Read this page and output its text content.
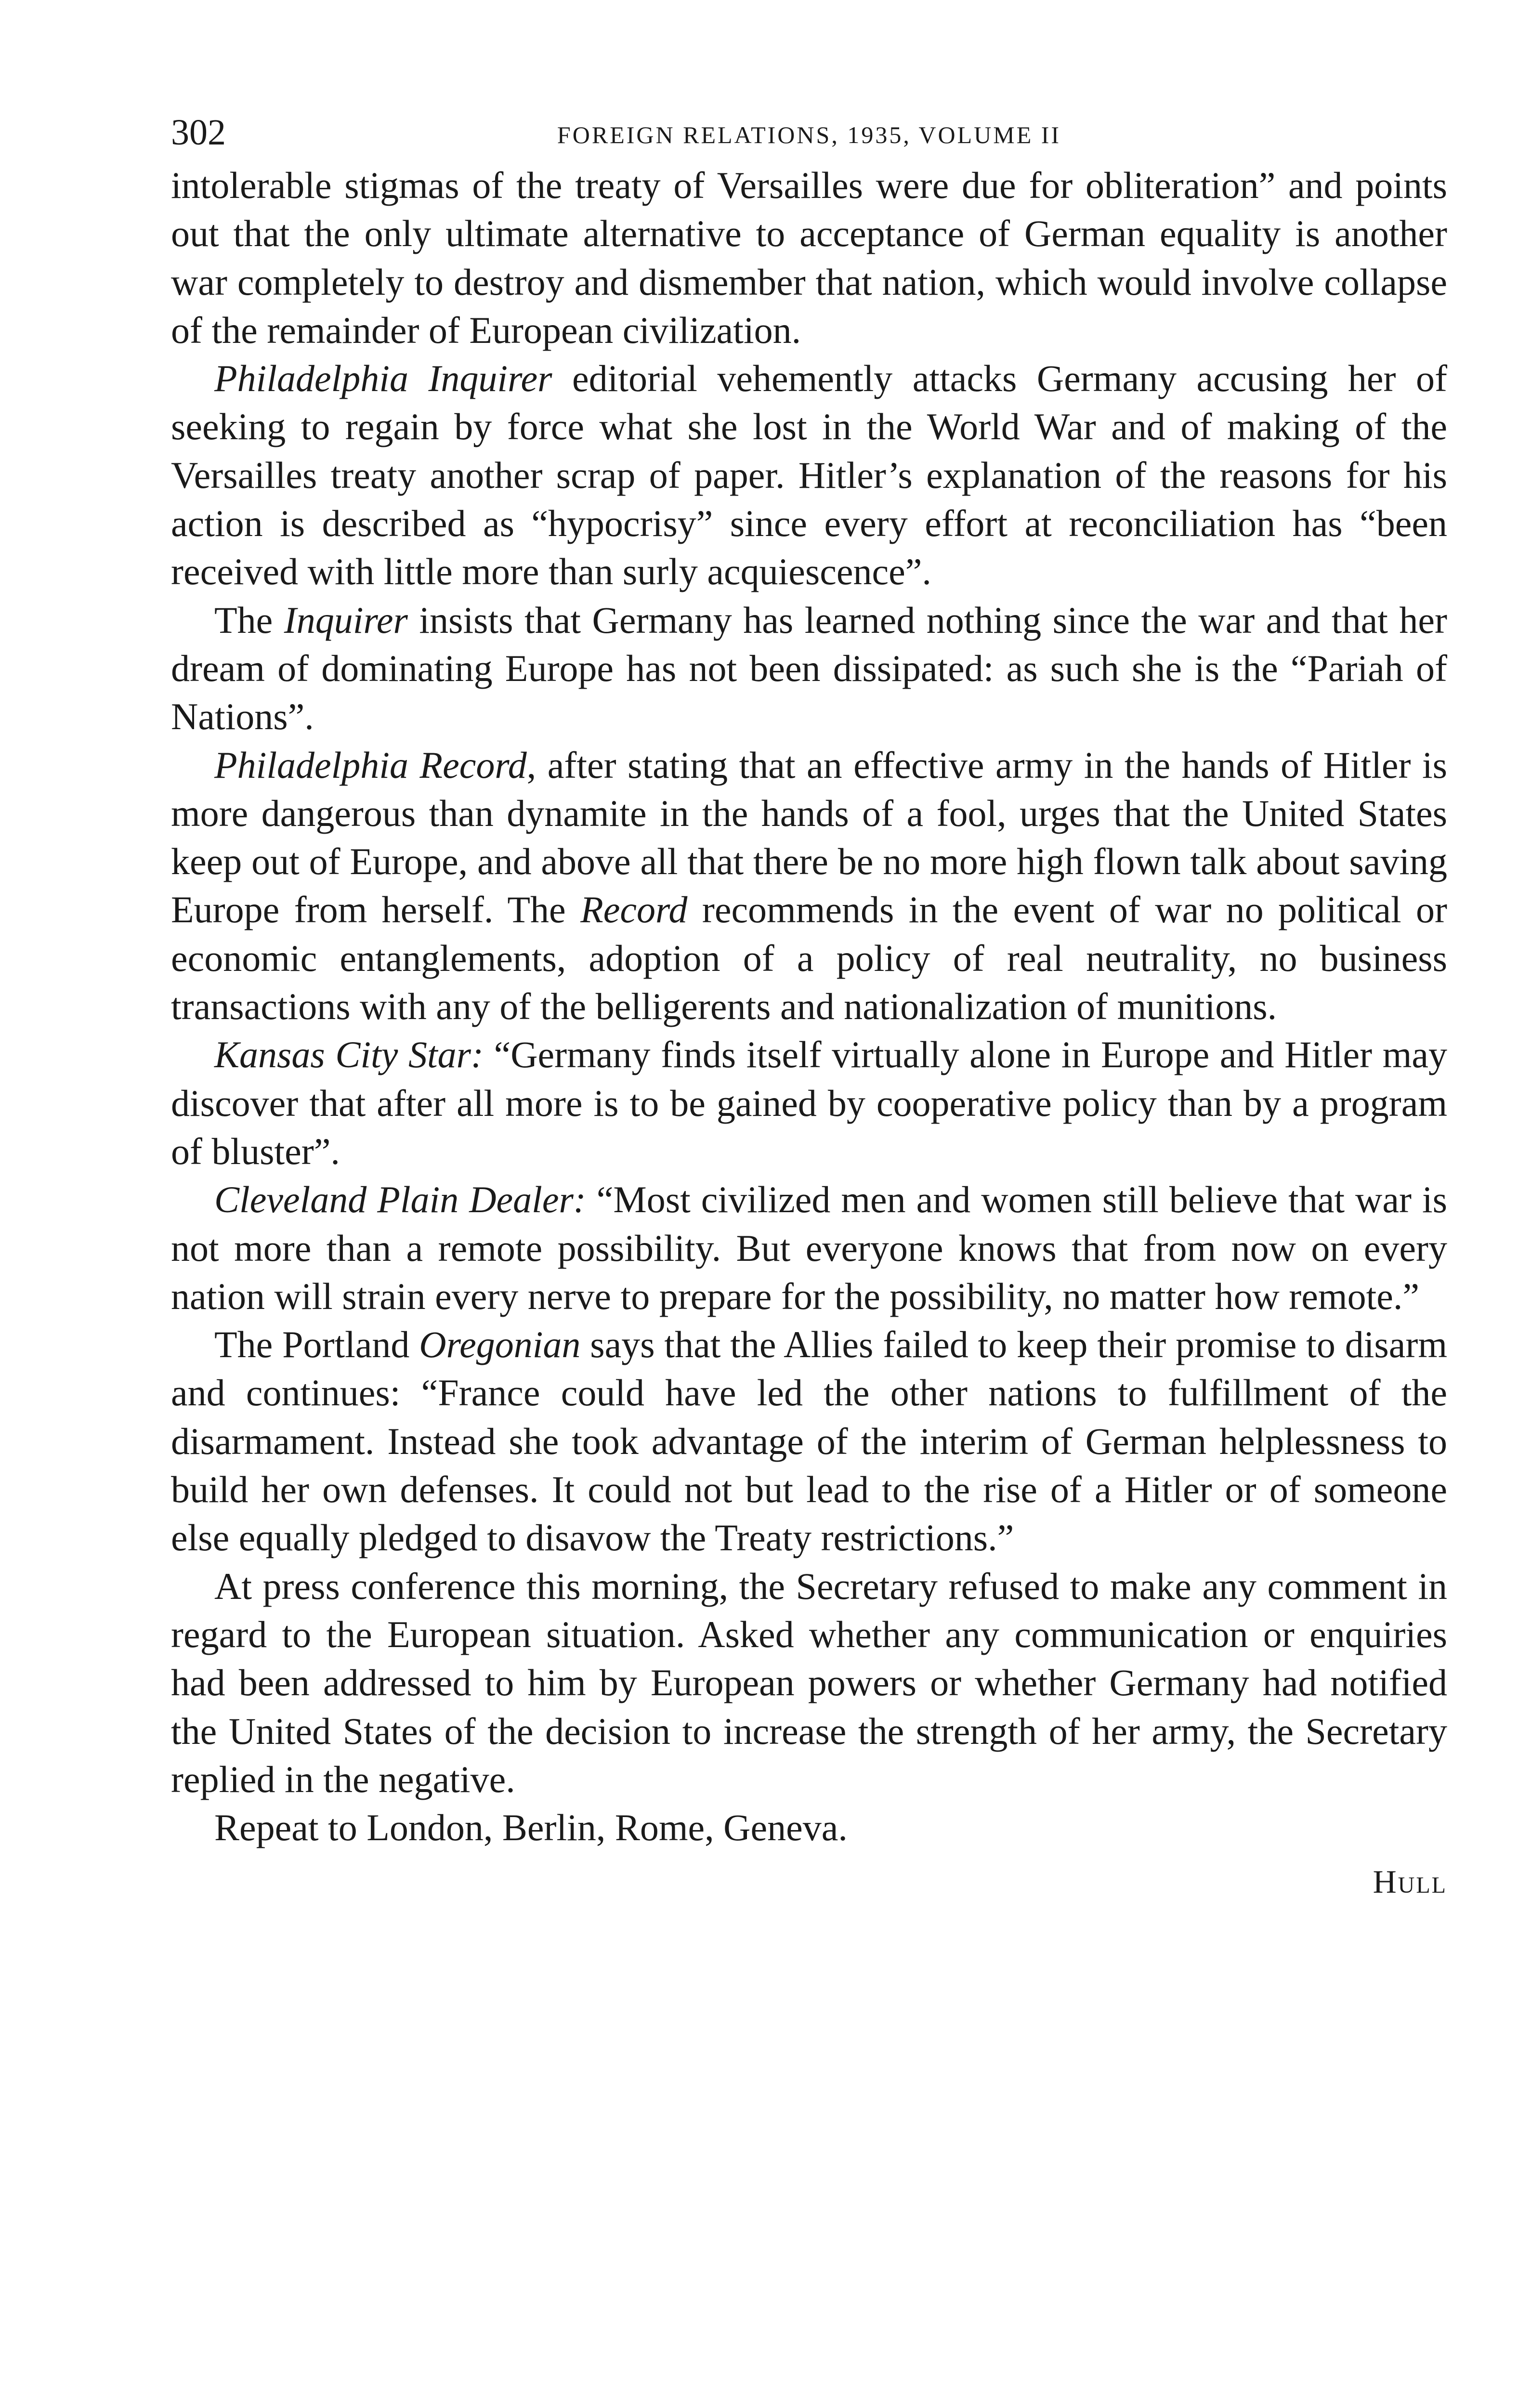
302	FOREIGN RELATIONS, 1935, VOLUME II

intolerable stigmas of the treaty of Versailles were due for obliteration” and points out that the only ultimate alternative to acceptance of German equality is another war completely to destroy and dismember that nation, which would involve collapse of the remainder of European civilization.

Philadelphia Inquirer editorial vehemently attacks Germany accusing her of seeking to regain by force what she lost in the World War and of making of the Versailles treaty another scrap of paper. Hitler’s explanation of the reasons for his action is described as “hypocrisy” since every effort at reconciliation has “been received with little more than surly acquiescence”.

The Inquirer insists that Germany has learned nothing since the war and that her dream of dominating Europe has not been dissipated: as such she is the “Pariah of Nations”.

Philadelphia Record, after stating that an effective army in the hands of Hitler is more dangerous than dynamite in the hands of a fool, urges that the United States keep out of Europe, and above all that there be no more high flown talk about saving Europe from herself. The Record recommends in the event of war no political or economic entanglements, adoption of a policy of real neutrality, no business transactions with any of the belligerents and nationalization of munitions.

Kansas City Star: “Germany finds itself virtually alone in Europe and Hitler may discover that after all more is to be gained by cooperative policy than by a program of bluster”.

Cleveland Plain Dealer: “Most civilized men and women still believe that war is not more than a remote possibility. But everyone knows that from now on every nation will strain every nerve to prepare for the possibility, no matter how remote.”

The Portland Oregonian says that the Allies failed to keep their promise to disarm and continues: “France could have led the other nations to fulfillment of the disarmament. Instead she took advantage of the interim of German helplessness to build her own defenses. It could not but lead to the rise of a Hitler or of someone else equally pledged to disavow the Treaty restrictions.”

At press conference this morning, the Secretary refused to make any comment in regard to the European situation. Asked whether any communication or enquiries had been addressed to him by European powers or whether Germany had notified the United States of the decision to increase the strength of her army, the Secretary replied in the negative.

Repeat to London, Berlin, Rome, Geneva.

Hull
